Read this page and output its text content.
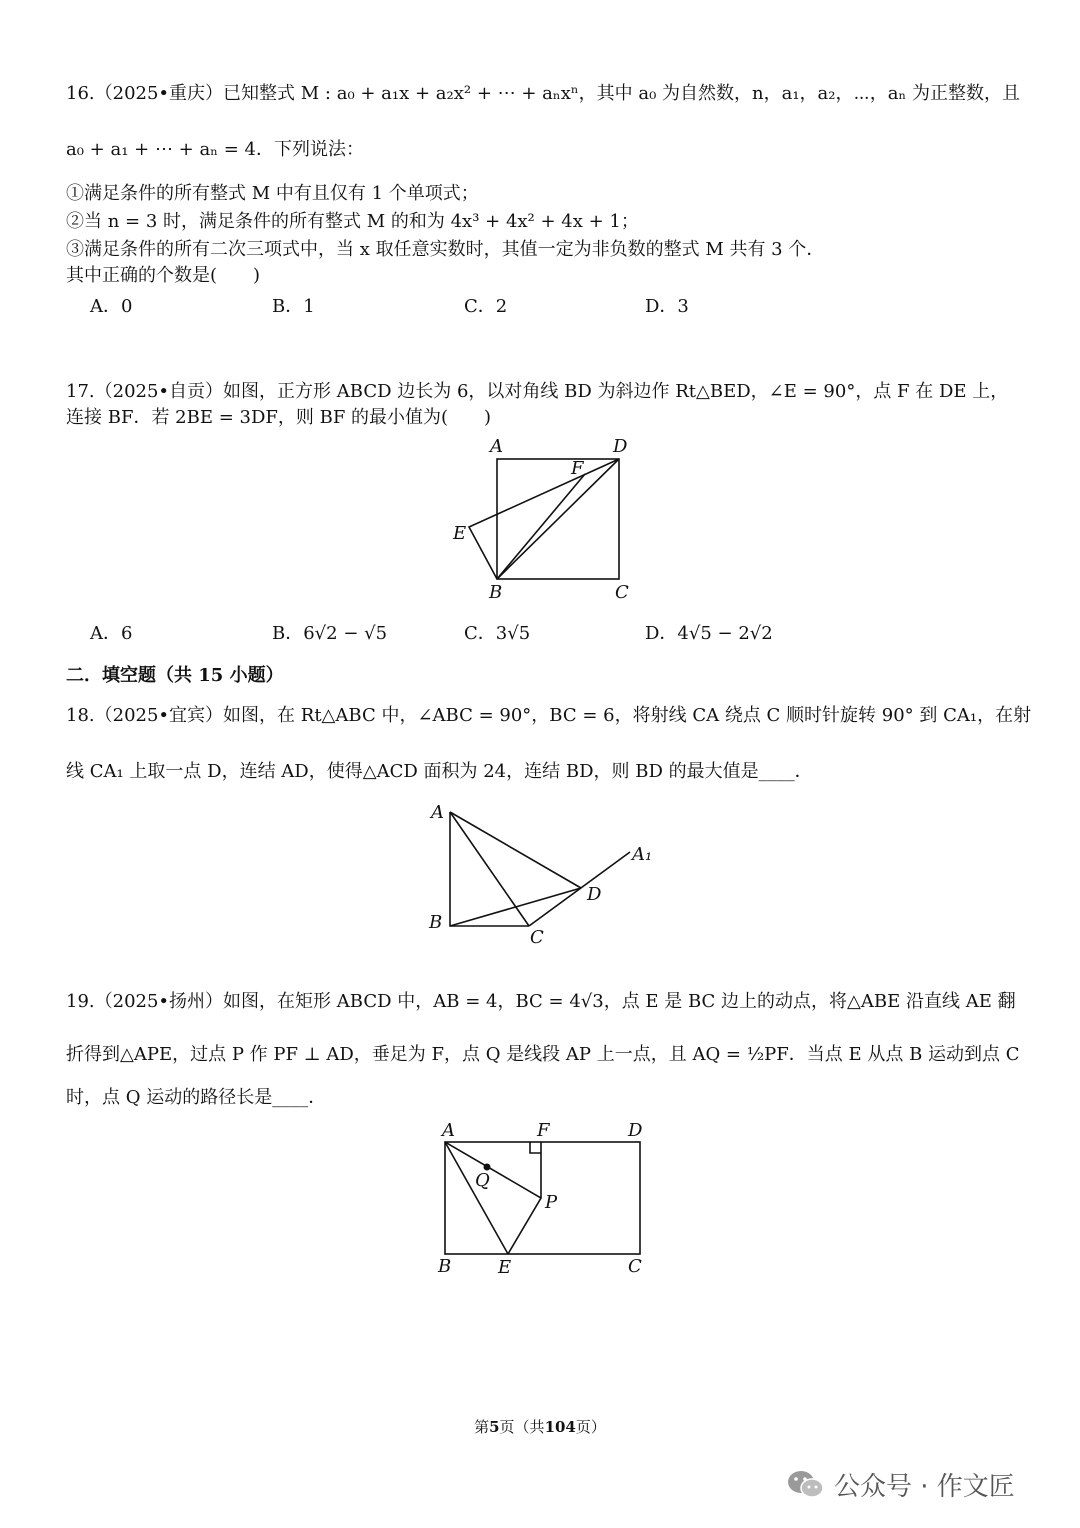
16.（2025•重庆）已知整式 M : a₀ + a₁x + a₂x² + ⋯ + aₙxⁿ，其中 a₀ 为自然数，n，a₁，a₂，⋯，aₙ 为正整数，且
a₀ + a₁ + ⋯ + aₙ = 4．下列说法：
①满足条件的所有整式 M 中有且仅有 1 个单项式；
②当 n = 3 时，满足条件的所有整式 M 的和为 4x³ + 4x² + 4x + 1；
③满足条件的所有二次三项式中，当 x 取任意实数时，其值一定为非负数的整式 M 共有 3 个．
其中正确的个数是(　　)
A．0	B．1	C．2	D．3
17.（2025•自贡）如图，正方形 ABCD 边长为 6，以对角线 BD 为斜边作 Rt△BED，∠E = 90°，点 F 在 DE 上，
连接 BF．若 2BE = 3DF，则 BF 的最小值为(　　)
A	D
F
E
B	C
A．6	B．6√2 − √5	C．3√5	D．4√5 − 2√2
二．填空题（共 15 小题）
18.（2025•宜宾）如图，在 Rt△ABC 中，∠ABC = 90°，BC = 6，将射线 CA 绕点 C 顺时针旋转 90° 到 CA₁，在射
线 CA₁ 上取一点 D，连结 AD，使得△ACD 面积为 24，连结 BD，则 BD 的最大值是____．
A
A₁
D
B
C
19.（2025•扬州）如图，在矩形 ABCD 中，AB = 4，BC = 4√3，点 E 是 BC 边上的动点，将△ABE 沿直线 AE 翻
折得到△APE，过点 P 作 PF ⊥ AD，垂足为 F，点 Q 是线段 AP 上一点，且 AQ = ½PF．当点 E 从点 B 运动到点 C
时，点 Q 运动的路径长是____．
A	F	D
Q
P
B	E	C
第5页（共104页）
公众号 · 作文匠
